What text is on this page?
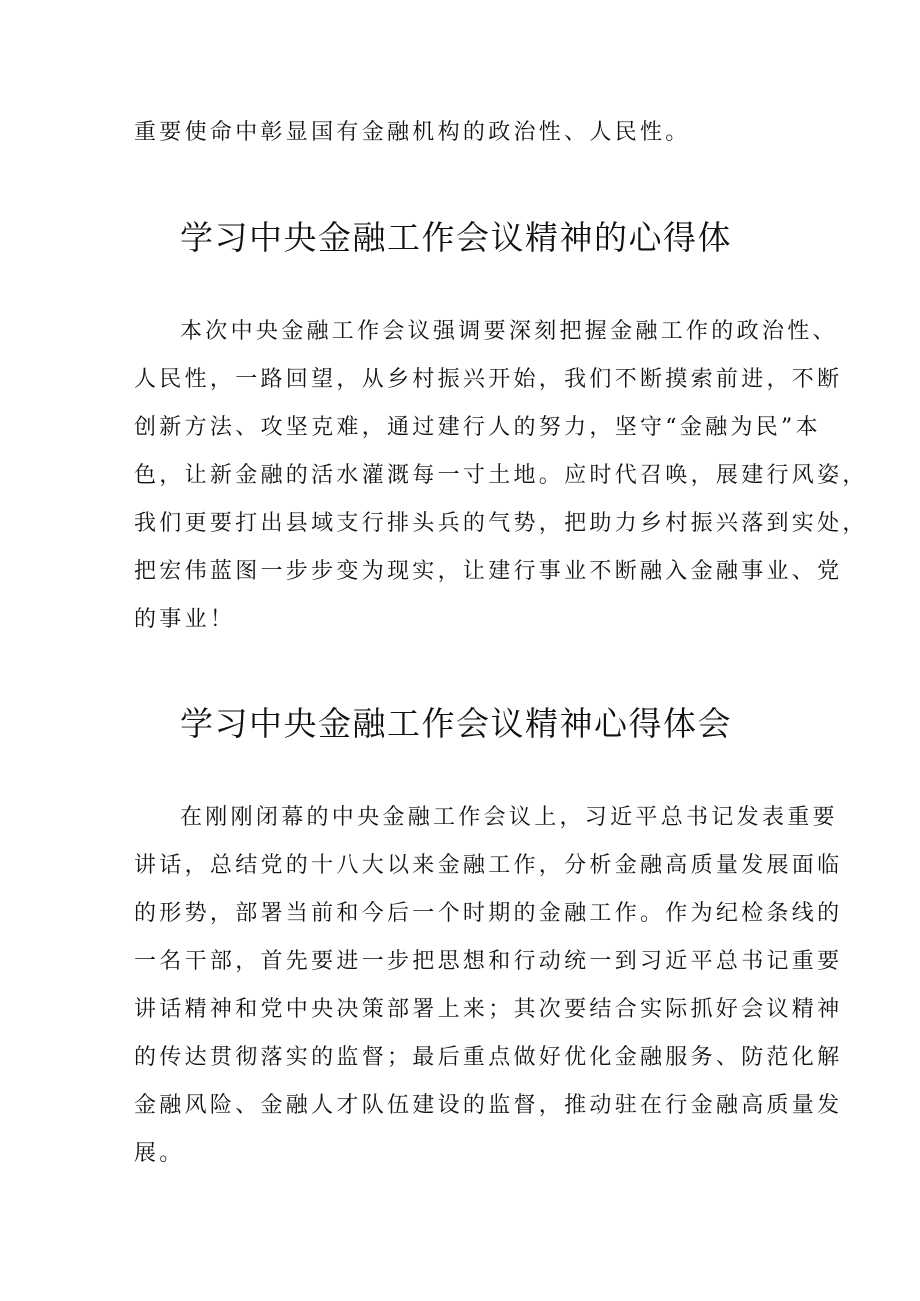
重要使命中彰显国有金融机构的政治性、人民性。
学习中央金融工作会议精神的心得体
本次中央金融工作会议强调要深刻把握金融工作的政治性、
人民性，一路回望，从乡村振兴开始，我们不断摸索前进，不断
创新方法、攻坚克难，通过建行人的努力，坚守“金融为民”本
色，让新金融的活水灌溉每一寸土地。应时代召唤，展建行风姿，
我们更要打出县域支行排头兵的气势，把助力乡村振兴落到实处，
把宏伟蓝图一步步变为现实，让建行事业不断融入金融事业、党
的事业！
学习中央金融工作会议精神心得体会
在刚刚闭幕的中央金融工作会议上，习近平总书记发表重要
讲话，总结党的十八大以来金融工作，分析金融高质量发展面临
的形势，部署当前和今后一个时期的金融工作。作为纪检条线的
一名干部，首先要进一步把思想和行动统一到习近平总书记重要
讲话精神和党中央决策部署上来；其次要结合实际抓好会议精神
的传达贯彻落实的监督；最后重点做好优化金融服务、防范化解
金融风险、金融人才队伍建设的监督，推动驻在行金融高质量发
展。
